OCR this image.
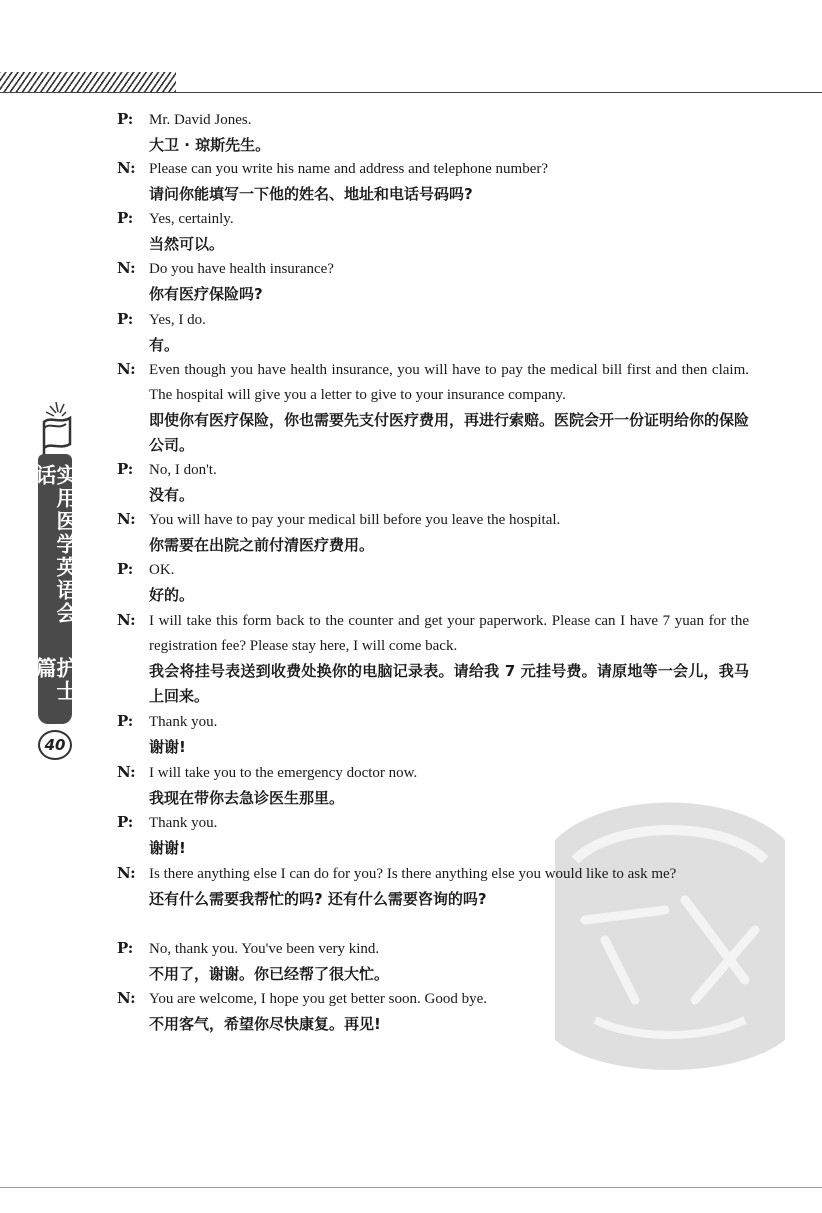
实用医学英语会话
护士篇
40
P:	Mr. David Jones.
大卫 · 琼斯先生。
N: Please can you write his name and address and telephone number?
请问你能填写一下他的姓名、地址和电话号码吗?
P:	Yes, certainly.
当然可以。
N: Do you have health insurance?
你有医疗保险吗?
P:	Yes, I do.
有。
N: Even though you have health insurance, you will have to pay the medical bill first and then claim. The hospital will give you a letter to give to your insurance company.
即使你有医疗保险，你也需要先支付医疗费用，再进行索赔。医院会开一份证明给你的保险公司。
P:	No, I don't.
没有。
N: You will have to pay your medical bill before you leave the hospital.
你需要在出院之前付清医疗费用。
P:	OK.
好的。
N: I will take this form back to the counter and get your paperwork. Please can I have 7 yuan for the registration fee? Please stay here, I will come back.
我会将挂号表送到收费处换你的电脑记录表。请给我 7 元挂号费。请原地等一会儿，我马上回来。
P:	Thank you.
谢谢!
N: I will take you to the emergency doctor now.
我现在带你去急诊医生那里。
P:	Thank you.
谢谢!
N: Is there anything else I can do for you? Is there anything else you would like to ask me?
还有什么需要我帮忙的吗? 还有什么需要咨询的吗?
P:	No, thank you. You've been very kind.
不用了，谢谢。你已经帮了很大忙。
N: You are welcome, I hope you get better soon. Good bye.
不用客气，希望你尽快康复。再见!
